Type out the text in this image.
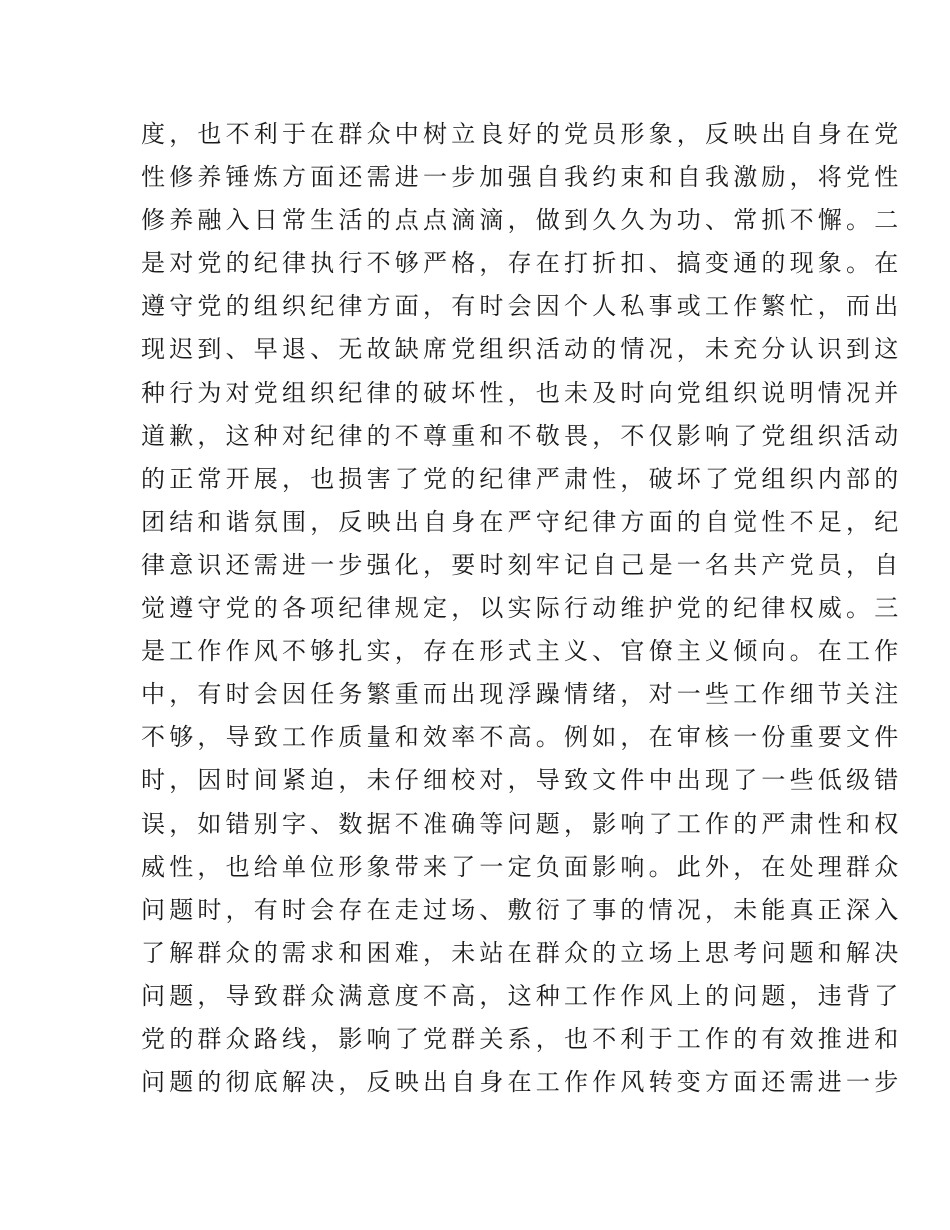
度，也不利于在群众中树立良好的党员形象，反映出自身在党
性修养锤炼方面还需进一步加强自我约束和自我激励，将党性
修养融入日常生活的点点滴滴，做到久久为功、常抓不懈。二
是对党的纪律执行不够严格，存在打折扣、搞变通的现象。在
遵守党的组织纪律方面，有时会因个人私事或工作繁忙，而出
现迟到、早退、无故缺席党组织活动的情况，未充分认识到这
种行为对党组织纪律的破坏性，也未及时向党组织说明情况并
道歉，这种对纪律的不尊重和不敬畏，不仅影响了党组织活动
的正常开展，也损害了党的纪律严肃性，破坏了党组织内部的
团结和谐氛围，反映出自身在严守纪律方面的自觉性不足，纪
律意识还需进一步强化，要时刻牢记自己是一名共产党员，自
觉遵守党的各项纪律规定，以实际行动维护党的纪律权威。三
是工作作风不够扎实，存在形式主义、官僚主义倾向。在工作
中，有时会因任务繁重而出现浮躁情绪，对一些工作细节关注
不够，导致工作质量和效率不高。例如，在审核一份重要文件
时，因时间紧迫，未仔细校对，导致文件中出现了一些低级错
误，如错别字、数据不准确等问题，影响了工作的严肃性和权
威性，也给单位形象带来了一定负面影响。此外，在处理群众
问题时，有时会存在走过场、敷衍了事的情况，未能真正深入
了解群众的需求和困难，未站在群众的立场上思考问题和解决
问题，导致群众满意度不高，这种工作作风上的问题，违背了
党的群众路线，影响了党群关系，也不利于工作的有效推进和
问题的彻底解决，反映出自身在工作作风转变方面还需进一步
